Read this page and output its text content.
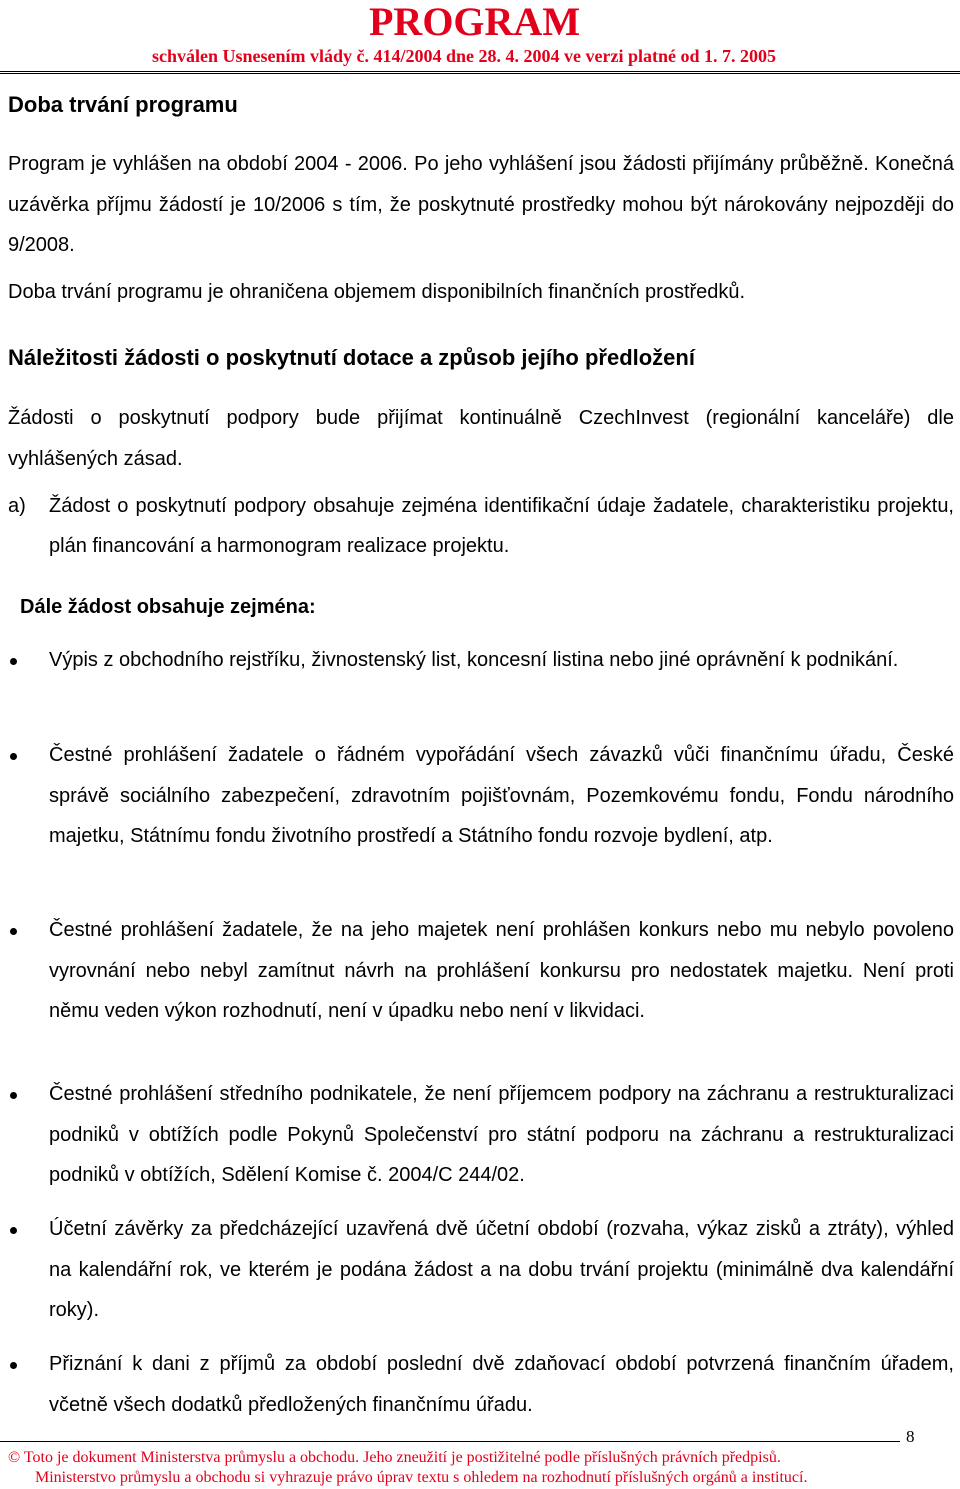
PROGRAM
schválen Usnesením vlády č. 414/2004 dne 28. 4. 2004 ve verzi platné od 1. 7. 2005
Doba trvání programu
Program je vyhlášen na období 2004 - 2006. Po jeho vyhlášení jsou žádosti přijímány průběžně. Konečná uzávěrka příjmu žádostí je 10/2006 s tím, že poskytnuté prostředky mohou být nárokovány nejpozději do 9/2008.
Doba trvání programu je ohraničena objemem disponibilních finančních prostředků.
Náležitosti žádosti o poskytnutí dotace a způsob jejího předložení
Žádosti o poskytnutí podpory bude přijímat kontinuálně CzechInvest (regionální kanceláře) dle vyhlášených zásad.
a) Žádost o poskytnutí podpory obsahuje zejména identifikační údaje žadatele, charakteristiku projektu, plán financování a harmonogram realizace projektu.
Dále žádost obsahuje zejména:
Výpis z obchodního rejstříku, živnostenský list, koncesní listina nebo jiné oprávnění k podnikání.
Čestné prohlášení žadatele o řádném vypořádání všech závazků vůči finančnímu úřadu, České správě sociálního zabezpečení, zdravotním pojišťovnám, Pozemkovému fondu, Fondu národního majetku, Státnímu fondu životního prostředí a Státního fondu rozvoje bydlení, atp.
Čestné prohlášení žadatele, že na jeho majetek není prohlášen konkurs nebo mu nebylo povoleno vyrovnání nebo nebyl zamítnut návrh na prohlášení konkursu pro nedostatek majetku. Není proti němu veden výkon rozhodnutí, není v úpadku nebo není v likvidaci.
Čestné prohlášení středního podnikatele, že není příjemcem podpory na záchranu a restrukturalizaci podniků v obtížích podle Pokynů Společenství pro státní podporu na záchranu a restrukturalizaci podniků v obtížích, Sdělení Komise č. 2004/C 244/02.
Účetní závěrky za předcházející uzavřená dvě účetní období (rozvaha, výkaz zisků a ztráty), výhled na kalendářní rok, ve kterém je podána žádost a na dobu trvání projektu (minimálně dva kalendářní roky).
Přiznání k dani z příjmů za období poslední dvě zdaňovací období potvrzená finančním úřadem, včetně všech dodatků předložených finančnímu úřadu.
8
© Toto je dokument Ministerstva průmyslu a obchodu. Jeho zneužití je postižitelné podle příslušných právních předpisů.
Ministerstvo průmyslu a obchodu si vyhrazuje právo úprav textu s ohledem na rozhodnutí příslušných orgánů a institucí.
